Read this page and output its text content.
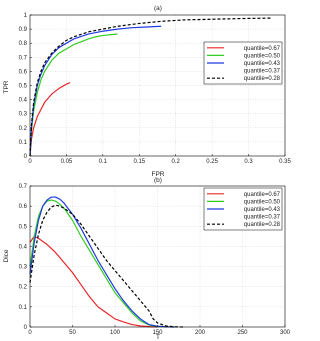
(a)
0	0.05	0.1	0.15	0.2	0.25	0.3	0.35
0
0.1
0.2
0.3
0.4
0.5
0.6
0.7
0.8
0.9
1
FPR
TPR
quantile=0.67
quantile=0.50
quantile=0.43
quantile=0.37
quantile=0.28
(b)
0	50	100	150	200	250	300
0
0.1
0.2
0.3
0.4
0.5
0.6
0.7
T
Dice
quantile=0.67
quantile=0.50
quantile=0.43
quantile=0.37
quantile=0.28
